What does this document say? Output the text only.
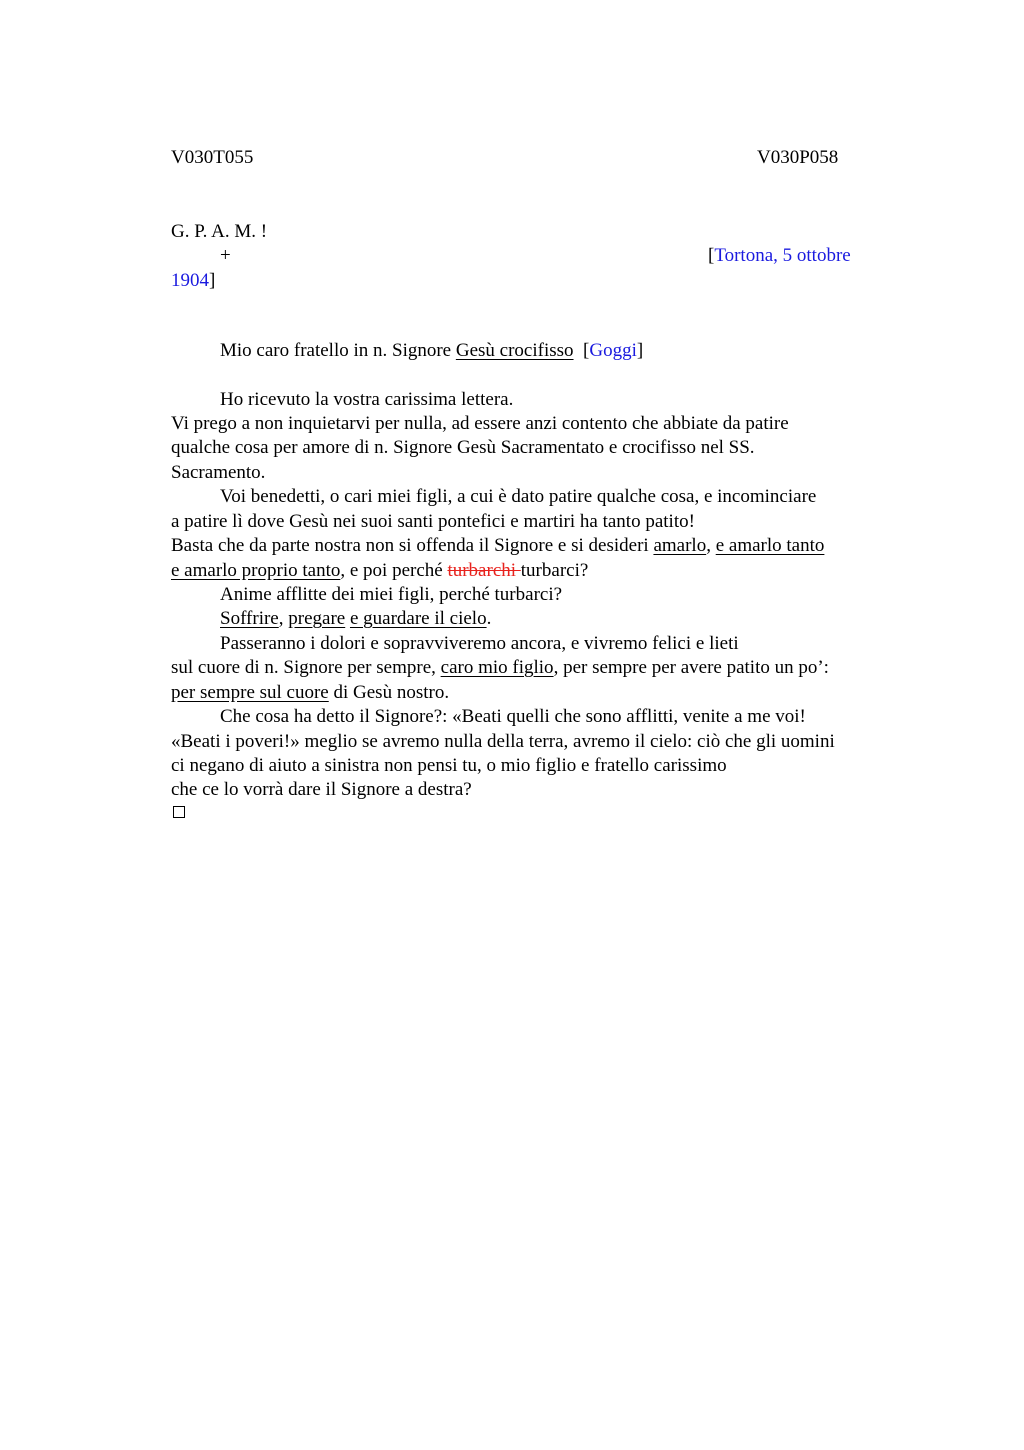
V030T055	V030P058
G. P. A. M. !
+	[Tortona, 5 ottobre
1904]
Mio caro fratello in n. Signore Gesù crocifisso  [Goggi]
Ho ricevuto la vostra carissima lettera.
Vi prego a non inquietarvi per nulla, ad essere anzi contento che abbiate da patire
qualche cosa per amore di n. Signore Gesù Sacramentato e crocifisso nel SS.
Sacramento.
Voi benedetti, o cari miei figli, a cui è dato patire qualche cosa, e incominciare
a patire lì dove Gesù nei suoi santi pontefici e martiri ha tanto patito!
Basta che da parte nostra non si offenda il Signore e si desideri amarlo, e amarlo tanto
e amarlo proprio tanto, e poi perché turbarchi turbarci?
Anime afflitte dei miei figli, perché turbarci?
Soffrire, pregare e guardare il cielo.
Passeranno i dolori e sopravviveremo ancora, e vivremo felici e lieti
sul cuore di n. Signore per sempre, caro mio figlio, per sempre per avere patito un po’:
per sempre sul cuore di Gesù nostro.
Che cosa ha detto il Signore?: «Beati quelli che sono afflitti, venite a me voi!
«Beati i poveri!» meglio se avremo nulla della terra, avremo il cielo: ciò che gli uomini
ci negano di aiuto a sinistra non pensi tu, o mio figlio e fratello carissimo
che ce lo vorrà dare il Signore a destra?
